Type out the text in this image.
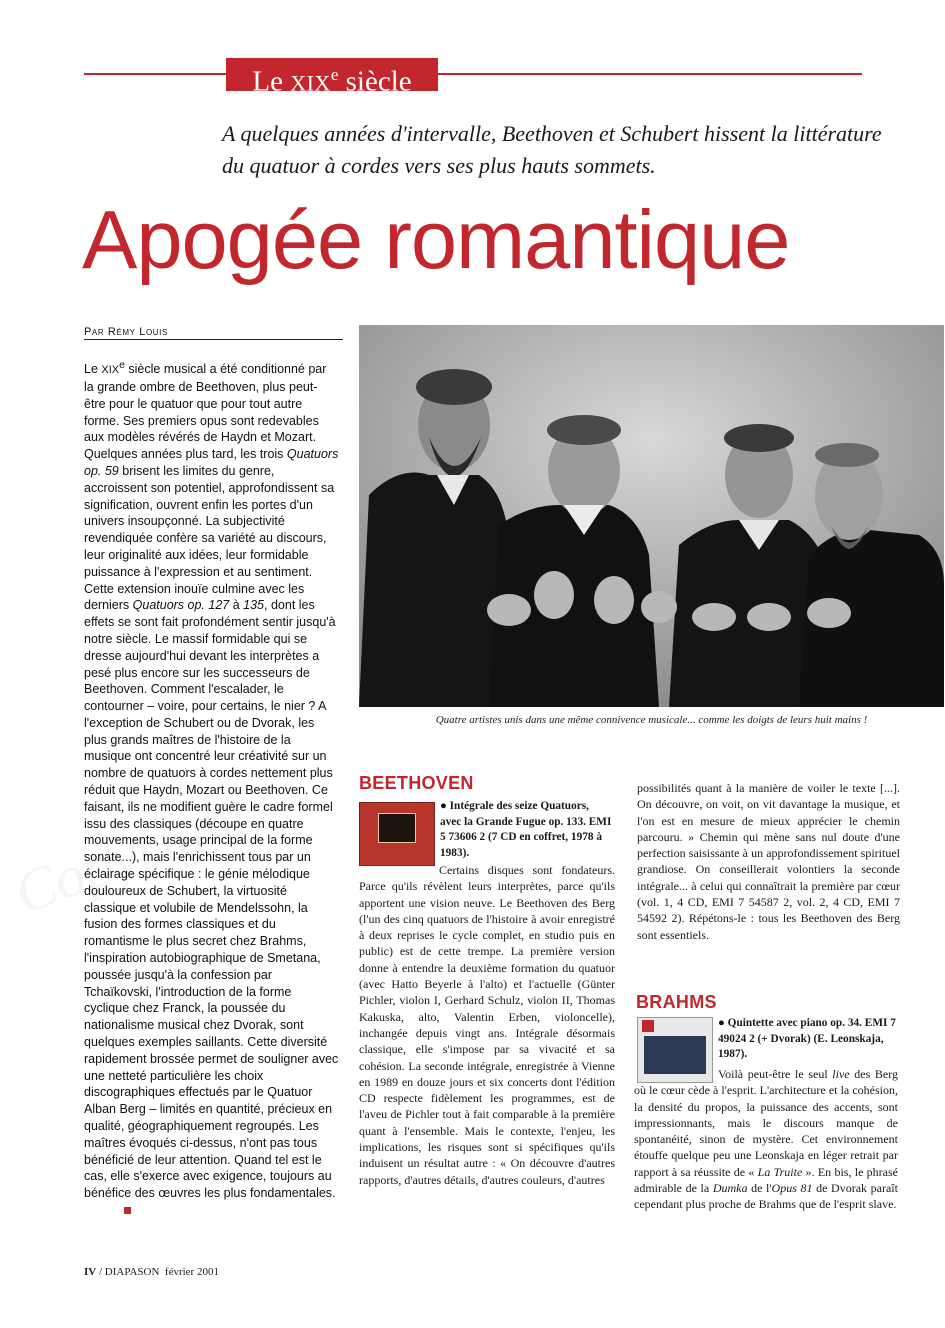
Le XIXe siècle
A quelques années d'intervalle, Beethoven et Schubert hissent la littérature du quatuor à cordes vers ses plus hauts sommets.
Apogée romantique
Par Rémy Louis
Le XIXe siècle musical a été conditionné par la grande ombre de Beethoven, plus peut-être pour le quatuor que pour tout autre forme. Ses premiers opus sont redevables aux modèles révérés de Haydn et Mozart. Quelques années plus tard, les trois Quatuors op. 59 brisent les limites du genre, accroissent son potentiel, approfondissent sa signification, ouvrent enfin les portes d'un univers insoupçonné. La subjectivité revendiquée confère sa variété au discours, leur originalité aux idées, leur formidable puissance à l'expression et au sentiment. Cette extension inouïe culmine avec les derniers Quatuors op. 127 à 135, dont les effets se sont fait profondément sentir jusqu'à notre siècle. Le massif formidable qui se dresse aujourd'hui devant les interprètes a pesé plus encore sur les successeurs de Beethoven. Comment l'escalader, le contourner – voire, pour certains, le nier ? A l'exception de Schubert ou de Dvorak, les plus grands maîtres de l'histoire de la musique ont concentré leur créativité sur un nombre de quatuors à cordes nettement plus réduit que Haydn, Mozart ou Beethoven. Ce faisant, ils ne modifient guère le cadre formel issu des classiques (découpe en quatre mouvements, usage principal de la forme sonate...), mais l'enrichissent tous par un éclairage spécifique : le génie mélodique douloureux de Schubert, la virtuosité classique et volubile de Mendelssohn, la fusion des formes classiques et du romantisme le plus secret chez Brahms, l'inspiration autobiographique de Smetana, poussée jusqu'à la confession par Tchaïkovski, l'introduction de la forme cyclique chez Franck, la poussée du nationalisme musical chez Dvorak, sont quelques exemples saillants. Cette diversité rapidement brossée permet de souligner avec une netteté particulière les choix discographiques effectués par le Quatuor Alban Berg – limités en quantité, précieux en qualité, géographiquement regroupés. Les maîtres évoqués ci-dessus, n'ont pas tous bénéficié de leur attention. Quand tel est le cas, elle s'exerce avec exigence, toujours au bénéfice des œuvres les plus fondamentales.
Quatre artistes unis dans une même connivence musicale... comme les doigts de leurs huit mains !
BEETHOVEN
● Intégrale des seize Quatuors, avec la Grande Fugue op. 133. EMI 5 73606 2 (7 CD en coffret, 1978 à 1983).
Certains disques sont fondateurs. Parce qu'ils révèlent leurs interprètes, parce qu'ils apportent une vision neuve. Le Beethoven des Berg (l'un des cinq quatuors de l'histoire à avoir enregistré à deux reprises le cycle complet, en studio puis en public) est de cette trempe. La première version donne à entendre la deuxième formation du quatuor (avec Hatto Beyerle à l'alto) et l'actuelle (Günter Pichler, violon I, Gerhard Schulz, violon II, Thomas Kakuska, alto, Valentin Erben, violoncelle), inchangée depuis vingt ans. Intégrale désormais classique, elle s'impose par sa vivacité et sa cohésion. La seconde intégrale, enregistrée à Vienne en 1989 en douze jours et six concerts dont l'édition CD respecte fidèlement les programmes, est de l'aveu de Pichler tout à fait comparable à la première quant à l'ensemble. Mais le contexte, l'enjeu, les implications, les risques sont si spécifiques qu'ils induisent un résultat autre : « On découvre d'autres rapports, d'autres détails, d'autres couleurs, d'autres
possibilités quant à la manière de voiler le texte [...]. On découvre, on voit, on vit davantage la musique, et l'on est en mesure de mieux apprécier le chemin parcouru. » Chemin qui mène sans nul doute d'une perfection saisissante à un approfondissement spirituel grandiose. On conseillerait volontiers la seconde intégrale... à celui qui connaîtrait la première par cœur (vol. 1, 4 CD, EMI 7 54587 2, vol. 2, 4 CD, EMI 7 54592 2). Répétons-le : tous les Beethoven des Berg sont essentiels.
BRAHMS
● Quintette avec piano op. 34. EMI 7 49024 2 (+ Dvorak) (E. Leonskaja, 1987).
Voilà peut-être le seul live des Berg où le cœur cède à l'esprit. L'architecture et la cohésion, la densité du propos, la puissance des accents, sont impressionnants, mais le discours manque de spontanéité, sinon de mystère. Cet environnement étouffe quelque peu une Leonskaja en léger retrait par rapport à sa réussite de « La Truite ». En bis, le phrasé admirable de la Dumka de l'Opus 81 de Dvorak paraît cependant plus proche de Brahms que de l'esprit slave.
IV / DIAPASON  février 2001
